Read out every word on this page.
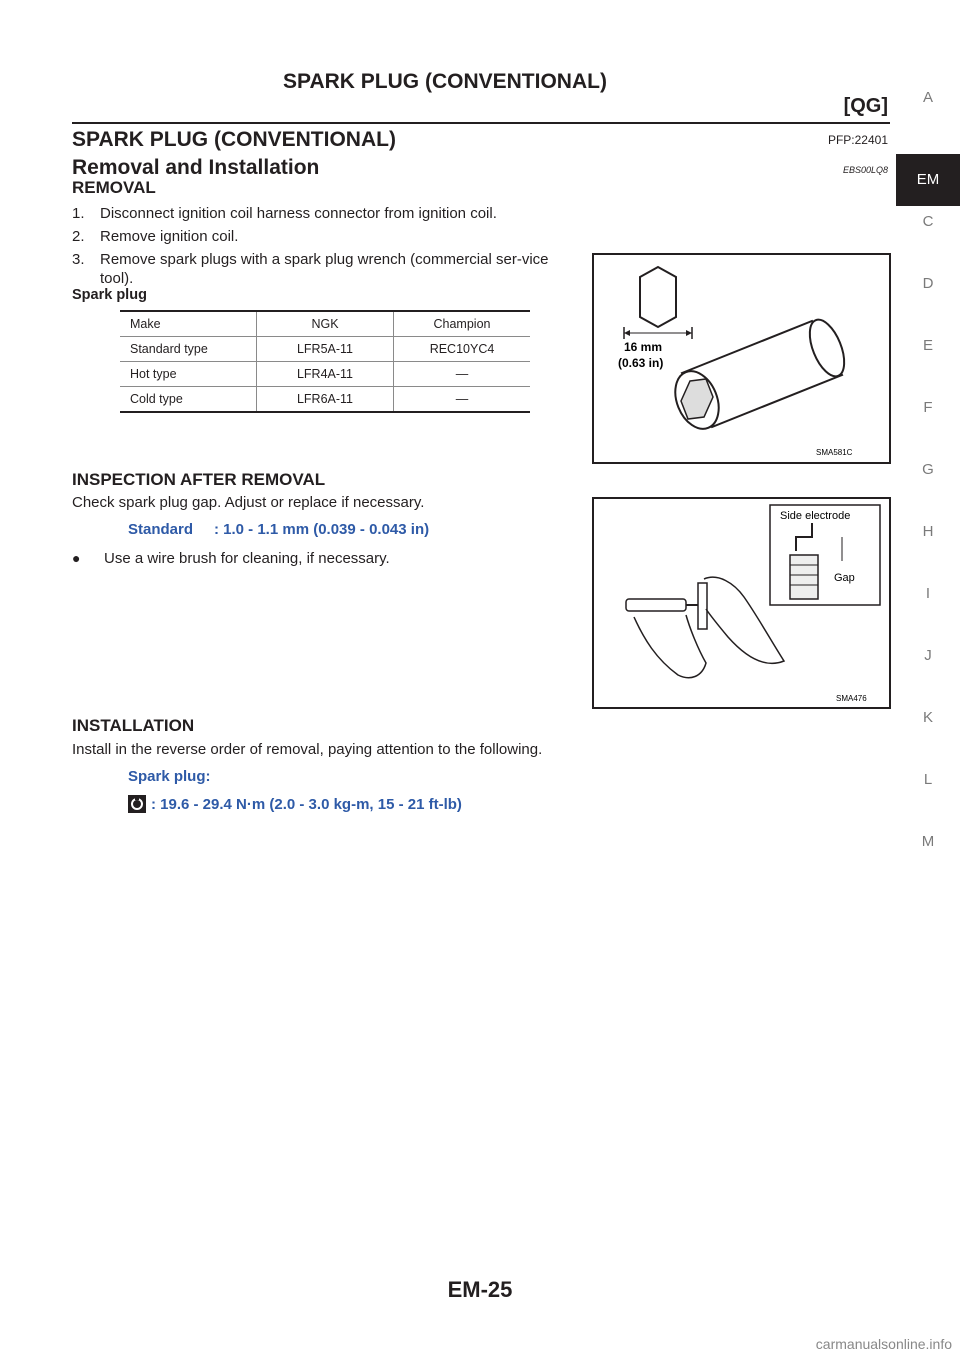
SPARK PLUG (CONVENTIONAL)
[QG]
SPARK PLUG (CONVENTIONAL)	PFP:22401
Removal and Installation	EBS00LQ8
REMOVAL
1. Disconnect ignition coil harness connector from ignition coil.
2. Remove ignition coil.
3. Remove spark plugs with a spark plug wrench (commercial ser-vice tool).
Spark plug
Make	NGK	Champion
Standard type	LFR5A-11	REC10YC4
Hot type	LFR4A-11	—
Cold type	LFR6A-11	—
16 mm
(0.63 in)
SMA581C
INSPECTION AFTER REMOVAL
Check spark plug gap. Adjust or replace if necessary.
Standard : 1.0 - 1.1 mm (0.039 - 0.043 in)
● Use a wire brush for cleaning, if necessary.
Side electrode
Gap
SMA476
INSTALLATION
Install in the reverse order of removal, paying attention to the following.
Spark plug:
: 19.6 - 29.4 N·m (2.0 - 3.0 kg-m, 15 - 21 ft-lb)
A
EM
C
D
E
F
G
H
I
J
K
L
M
EM-25
carmanualsonline.info
